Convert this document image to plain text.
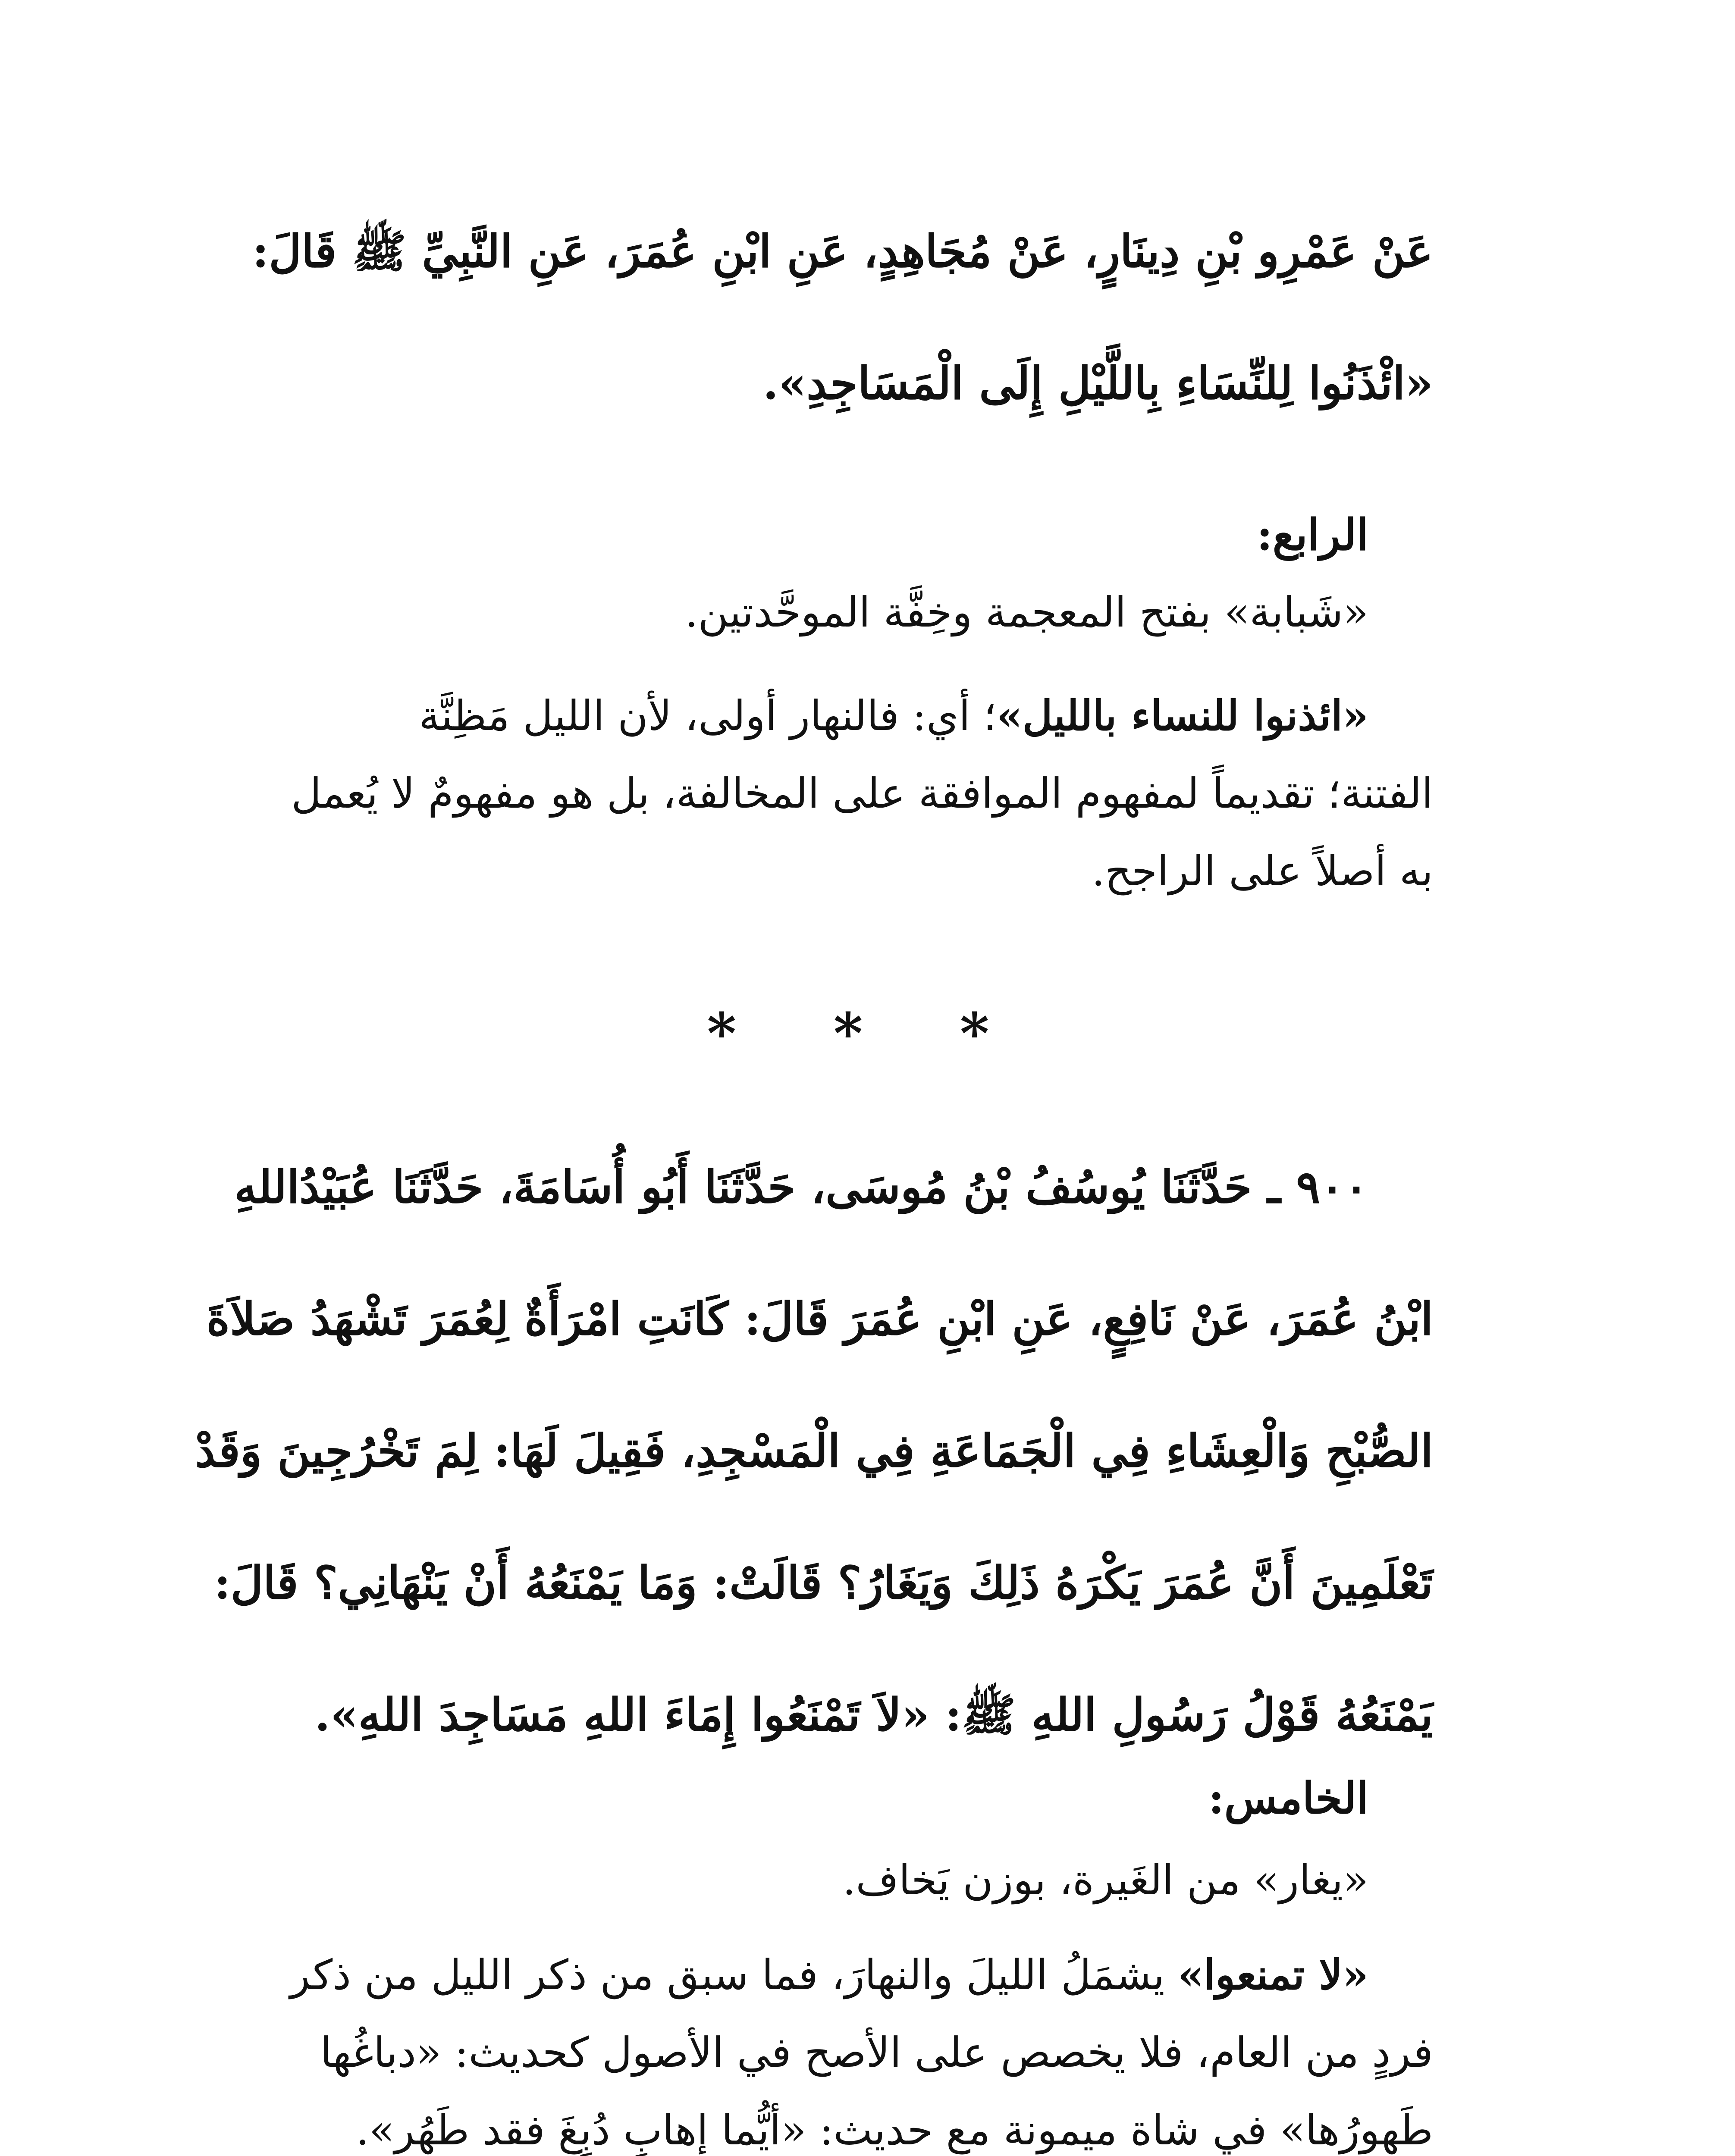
عَنْ عَمْرِو بْنِ دِينَارٍ، عَنْ مُجَاهِدٍ، عَنِ ابْنِ عُمَرَ، عَنِ النَّبِيِّ ﷺ قَالَ:
«ائْذَنُوا لِلنِّسَاءِ بِاللَّيْلِ إِلَى الْمَسَاجِدِ».
الرابع:
«شَبابة» بفتح المعجمة وخِفَّة الموحَّدتين.
«ائذنوا للنساء بالليل»؛ أي: فالنهار أولى، لأن الليل مَظِنَّة
الفتنة؛ تقديماً لمفهوم الموافقة على المخالفة، بل هو مفهومٌ لا يُعمل
به أصلاً على الراجح.
* * *
٩٠٠ ـ حَدَّثَنَا يُوسُفُ بْنُ مُوسَى، حَدَّثَنَا أَبُو أُسَامَةَ، حَدَّثَنَا عُبَيْدُاللهِ
ابْنُ عُمَرَ، عَنْ نَافِعٍ، عَنِ ابْنِ عُمَرَ قَالَ: كَانَتِ امْرَأَةٌ لِعُمَرَ تَشْهَدُ صَلاَةَ
الصُّبْحِ وَالْعِشَاءِ فِي الْجَمَاعَةِ فِي الْمَسْجِدِ، فَقِيلَ لَهَا: لِمَ تَخْرُجِينَ وَقَدْ
تَعْلَمِينَ أَنَّ عُمَرَ يَكْرَهُ ذَلِكَ وَيَغَارُ؟ قَالَتْ: وَمَا يَمْنَعُهُ أَنْ يَنْهَانِي؟ قَالَ:
يَمْنَعُهُ قَوْلُ رَسُولِ اللهِ ﷺ: «لاَ تَمْنَعُوا إِمَاءَ اللهِ مَسَاجِدَ اللهِ».
الخامس:
«يغار» من الغَيرة، بوزن يَخاف.
«لا تمنعوا» يشمَلُ الليلَ والنهارَ، فما سبق من ذكر الليل من ذكر
فردٍ من العام، فلا يخصص على الأصح في الأصول كحديث: «دباغُها
طَهورُها» في شاة ميمونة مع حديث: «أيُّما إهابٍ دُبِغَ فقد طَهُر».
